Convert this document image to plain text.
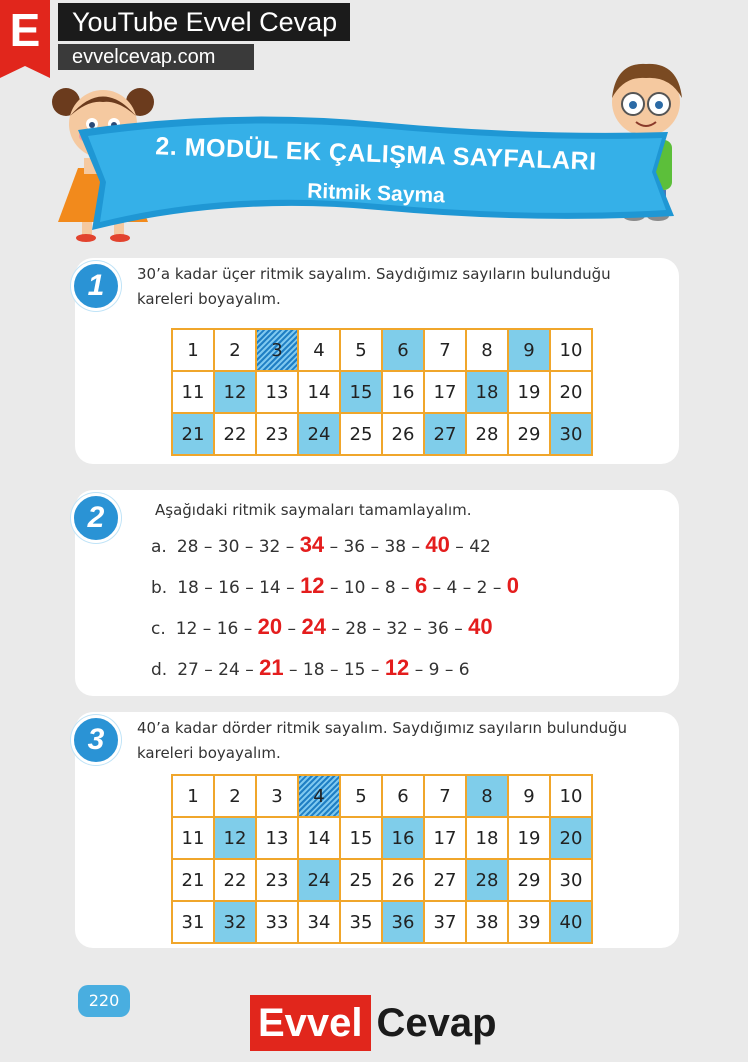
E	YouTube Evvel Cevap
evvelcevap.com
2. MODÜL EK ÇALIŞMA SAYFALARI
Ritmik Sayma
1	30’a kadar üçer ritmik sayalım. Saydığımız sayıların bulunduğu kareleri boyayalım.
1	2	3	4	5	6	7	8	9	10
11	12	13	14	15	16	17	18	19	20
21	22	23	24	25	26	27	28	29	30
2	Aşağıdaki ritmik saymaları tamamlayalım.
a. 28 – 30 – 32 – 34 – 36 – 38 – 40 – 42
b. 18 – 16 – 14 – 12 – 10 – 8 – 6 – 4 – 2 – 0
c. 12 – 16 – 20 – 24 – 28 – 32 – 36 – 40
d. 27 – 24 – 21 – 18 – 15 – 12 – 9 – 6
3	40’a kadar dörder ritmik sayalım. Saydığımız sayıların bulunduğu kareleri boyayalım.
1	2	3	4	5	6	7	8	9	10
11	12	13	14	15	16	17	18	19	20
21	22	23	24	25	26	27	28	29	30
31	32	33	34	35	36	37	38	39	40
220
Evvel Cevap
